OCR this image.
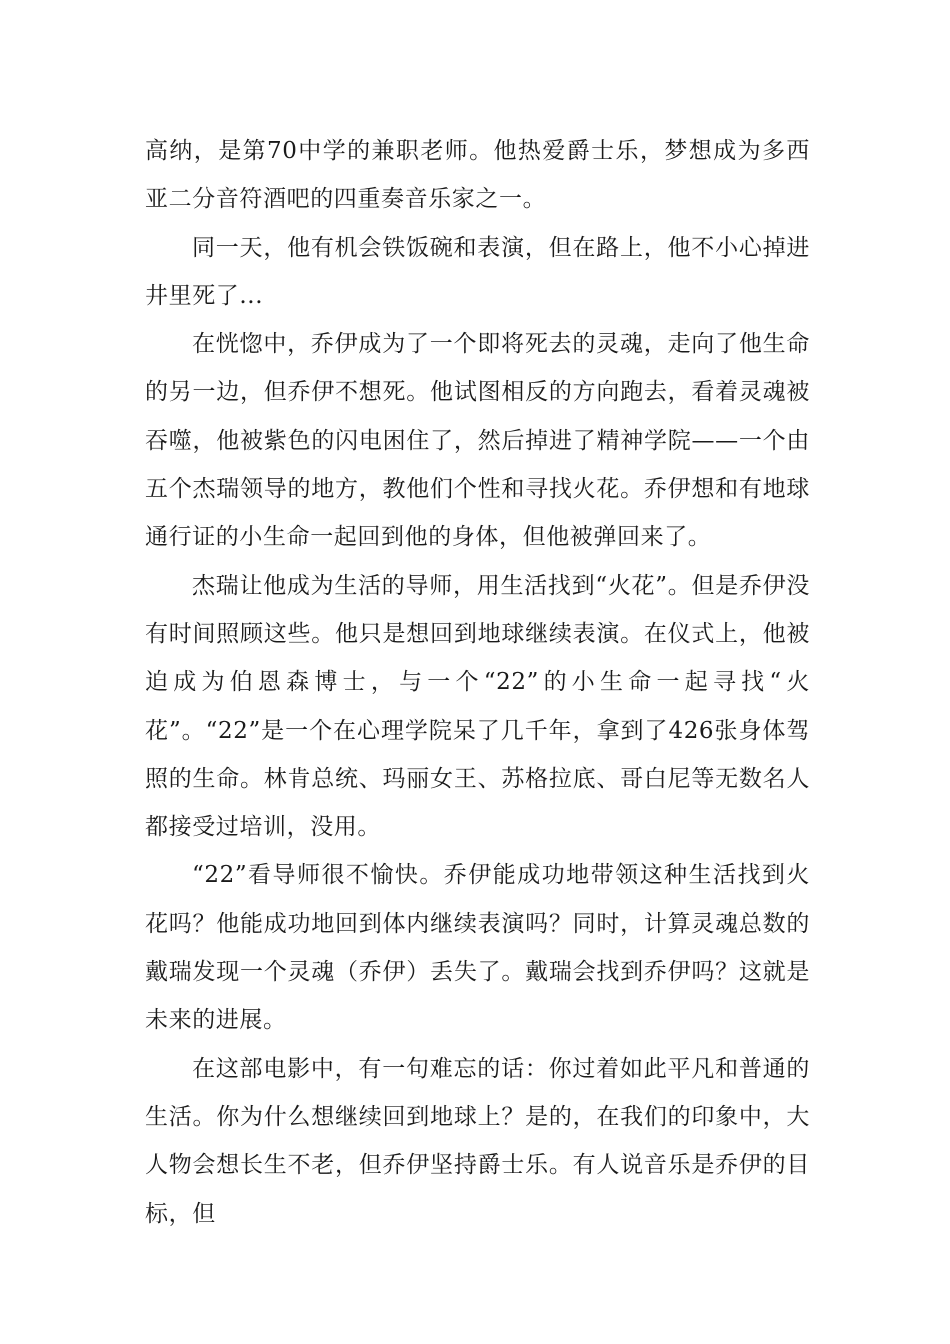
高纳，是第70中学的兼职老师。他热爱爵士乐，梦想成为多西亚二分音符酒吧的四重奏音乐家之一。

同一天，他有机会铁饭碗和表演，但在路上，他不小心掉进井里死了...

在恍惚中，乔伊成为了一个即将死去的灵魂，走向了他生命的另一边，但乔伊不想死。他试图相反的方向跑去，看着灵魂被吞噬，他被紫色的闪电困住了，然后掉进了精神学院——一个由五个杰瑞领导的地方，教他们个性和寻找火花。乔伊想和有地球通行证的小生命一起回到他的身体，但他被弹回来了。

杰瑞让他成为生活的导师，用生活找到“火花”。但是乔伊没有时间照顾这些。他只是想回到地球继续表演。在仪式上，他被迫成为伯恩森博士，与一个“22”的小生命一起寻找“火花”。“22”是一个在心理学院呆了几千年，拿到了426张身体驾照的生命。林肯总统、玛丽女王、苏格拉底、哥白尼等无数名人都接受过培训，没用。

“22”看导师很不愉快。乔伊能成功地带领这种生活找到火花吗？他能成功地回到体内继续表演吗？同时，计算灵魂总数的戴瑞发现一个灵魂（乔伊）丢失了。戴瑞会找到乔伊吗？这就是未来的进展。

在这部电影中，有一句难忘的话：你过着如此平凡和普通的生活。你为什么想继续回到地球上？是的，在我们的印象中，大人物会想长生不老，但乔伊坚持爵士乐。有人说音乐是乔伊的目标，但
